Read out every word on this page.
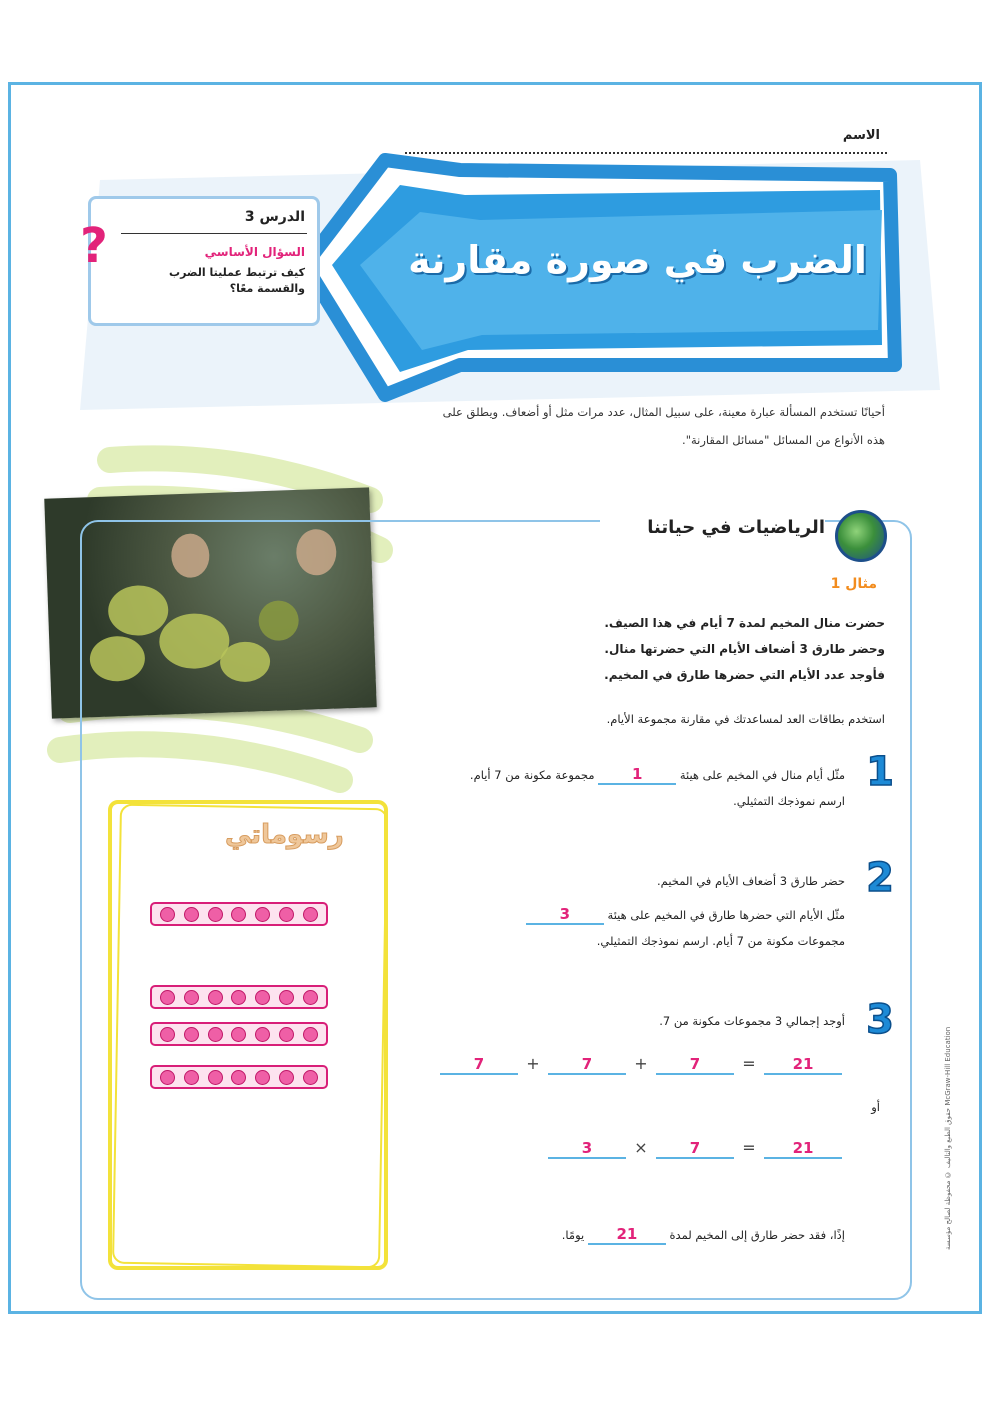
الاسم
الدرس 3
السؤال الأساسي
كيف ترتبط عمليتا الضرب والقسمة معًا؟
?	الضرب في صورة مقارنة
أحيانًا تستخدم المسألة عبارة معينة، على سبيل المثال، عدد مرات مثل أو أضعاف. ويطلق على هذه الأنواع من المسائل "مسائل المقارنة".
الرياضيات في حياتنا
مثال 1
حضرت منال المخيم لمدة 7 أيام في هذا الصيف.
وحضر طارق 3 أضعاف الأيام التي حضرتها منال.
فأوجد عدد الأيام التي حضرها طارق في المخيم.
استخدم بطاقات العد لمساعدتك في مقارنة مجموعة الأيام.
1
مثّل أيام منال في المخيم على هيئة 1 مجموعة مكونة من 7 أيام.
ارسم نموذجك التمثيلي.
2
حضر طارق 3 أضعاف الأيام في المخيم.
مثّل الأيام التي حضرها طارق في المخيم على هيئة 3
مجموعات مكونة من 7 أيام. ارسم نموذجك التمثيلي.
3
أوجد إجمالي 3 مجموعات مكونة من 7.
7	+	7	+	7	= 21
أو
3	×	7	= 21
إذًا، فقد حضر طارق إلى المخيم لمدة 21 يومًا.
رسوماتي
حقوق الطبع والتأليف © محفوظة لصالح مؤسسة McGraw-Hill Education
